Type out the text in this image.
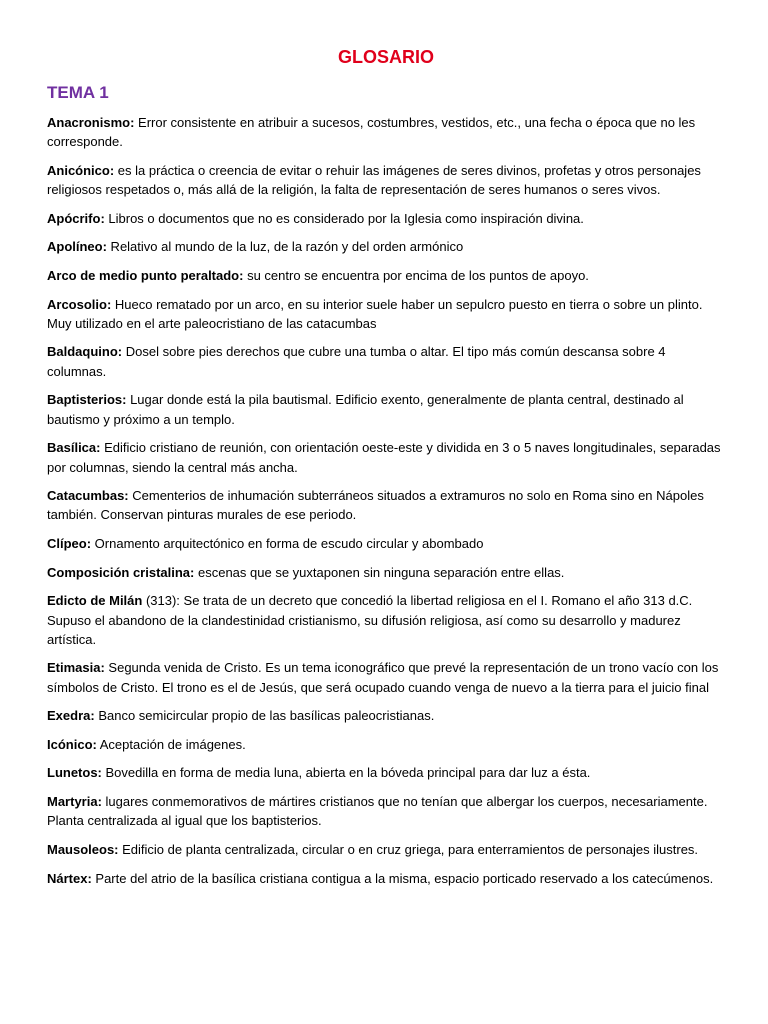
GLOSARIO
TEMA 1

Anacronismo: Error consistente en atribuir a sucesos, costumbres, vestidos, etc., una fecha o época que no les corresponde.

Anicónico: es la práctica o creencia de evitar o rehuir las imágenes de seres divinos, profetas y otros personajes religiosos respetados o, más allá de la religión, la falta de representación de seres humanos o seres vivos.

Apócrifo: Libros o documentos que no es considerado por la Iglesia como inspiración divina.

Apolíneo: Relativo al mundo de la luz, de la razón y del orden armónico

Arco de medio punto peraltado: su centro se encuentra por encima de los puntos de apoyo.

Arcosolio: Hueco rematado por un arco, en su interior suele haber un sepulcro puesto en tierra o sobre un plinto. Muy utilizado en el arte paleocristiano de las catacumbas

Baldaquino: Dosel sobre pies derechos que cubre una tumba o altar. El tipo más común descansa sobre 4 columnas.

Baptisterios: Lugar donde está la pila bautismal. Edificio exento, generalmente de planta central, destinado al bautismo y próximo a un templo.

Basílica: Edificio cristiano de reunión, con orientación oeste-este y dividida en 3 o 5 naves longitudinales, separadas por columnas, siendo la central más ancha.

Catacumbas: Cementerios de inhumación subterráneos situados a extramuros no solo en Roma sino en Nápoles también. Conservan pinturas murales de ese periodo.

Clípeo: Ornamento arquitectónico en forma de escudo circular y abombado

Composición cristalina: escenas que se yuxtaponen sin ninguna separación entre ellas.

Edicto de Milán (313): Se trata de un decreto que concedió la libertad religiosa en el I. Romano el año 313 d.C. Supuso el abandono de la clandestinidad cristianismo, su difusión religiosa, así como su desarrollo y madurez artística.

Etimasia: Segunda venida de Cristo. Es un tema iconográfico que prevé la representación de un trono vacío con los símbolos de Cristo. El trono es el de Jesús, que será ocupado cuando venga de nuevo a la tierra para el juicio final

Exedra: Banco semicircular propio de las basílicas paleocristianas.

Icónico: Aceptación de imágenes.

Lunetos: Bovedilla en forma de media luna, abierta en la bóveda principal para dar luz a ésta.

Martyria: lugares conmemorativos de mártires cristianos que no tenían que albergar los cuerpos, necesariamente. Planta centralizada al igual que los baptisterios.

Mausoleos: Edificio de planta centralizada, circular o en cruz griega, para enterramientos de personajes ilustres.

Nártex: Parte del atrio de la basílica cristiana contigua a la misma, espacio porticado reservado a los catecúmenos.
